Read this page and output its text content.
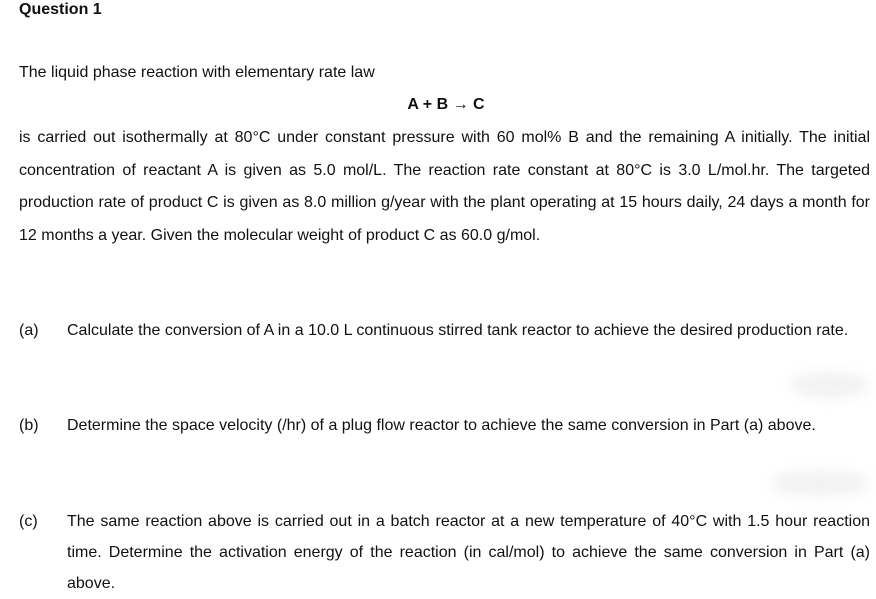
Question 1

The liquid phase reaction with elementary rate law

A + B → C

is carried out isothermally at 80°C under constant pressure with 60 mol% B and the remaining A initially. The initial concentration of reactant A is given as 5.0 mol/L. The reaction rate constant at 80°C is 3.0 L/mol.hr. The targeted production rate of product C is given as 8.0 million g/year with the plant operating at 15 hours daily, 24 days a month for 12 months a year. Given the molecular weight of product C as 60.0 g/mol.

(a) Calculate the conversion of A in a 10.0 L continuous stirred tank reactor to achieve the desired production rate.
(b) Determine the space velocity (/hr) of a plug flow reactor to achieve the same conversion in Part (a) above.
(c) The same reaction above is carried out in a batch reactor at a new temperature of 40°C with 1.5 hour reaction time. Determine the activation energy of the reaction (in cal/mol) to achieve the same conversion in Part (a) above.
